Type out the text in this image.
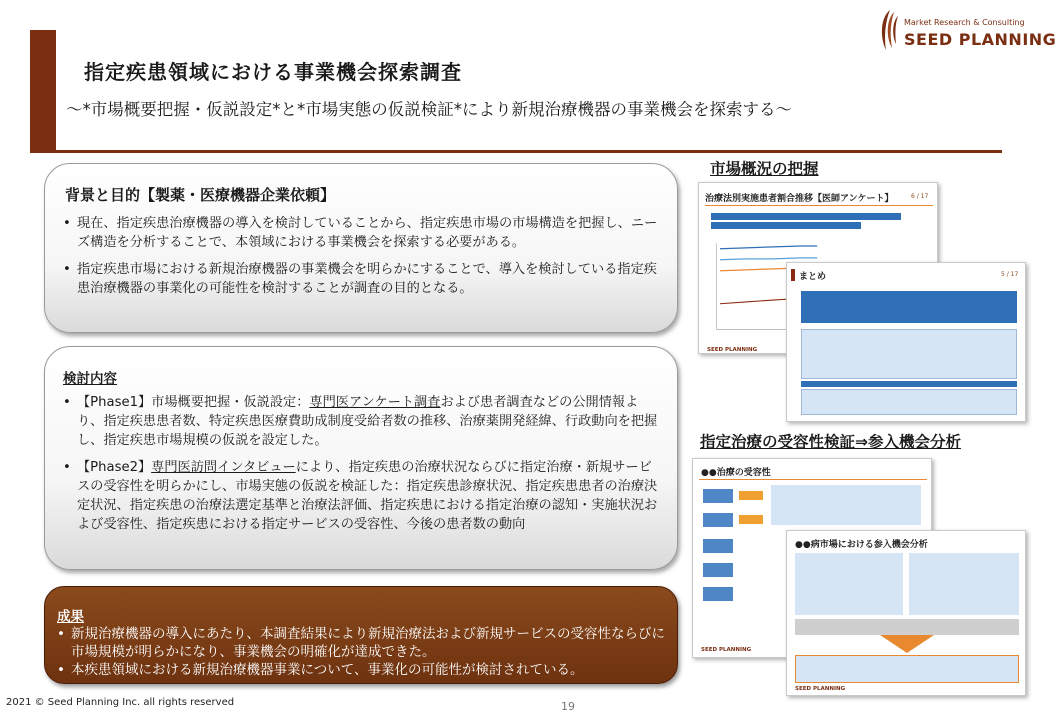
指定疾患領域における事業機会探索調査
～*市場概要把握・仮説設定*と*市場実態の仮説検証*により新規治療機器の事業機会を探索する～
Market Research & Consulting
SEED PLANNING
背景と目的【製薬・医療機器企業依頼】
• 現在、指定疾患治療機器の導入を検討していることから、指定疾患市場の市場構造を把握し、ニーズ構造を分析することで、本領域における事業機会を探索する必要がある。
• 指定疾患市場における新規治療機器の事業機会を明らかにすることで、導入を検討している指定疾患治療機器の事業化の可能性を検討することが調査の目的となる。
検討内容
• 【Phase1】市場概要把握・仮説設定：専門医アンケート調査および患者調査などの公開情報より、指定疾患患者数、特定疾患医療費助成制度受給者数の推移、治療薬開発経緯、行政動向を把握し、指定疾患市場規模の仮説を設定した。
• 【Phase2】専門医訪問インタビューにより、指定疾患の治療状況ならびに指定治療・新規サービスの受容性を明らかにし、市場実態の仮説を検証した：指定疾患診療状況、指定疾患患者の治療決定状況、指定疾患の治療法選定基準と治療法評価、指定疾患における指定治療の認知・実施状況および受容性、指定疾患における指定サービスの受容性、今後の患者数の動向
成果
• 新規治療機器の導入にあたり、本調査結果により新規治療法および新規サービスの受容性ならびに市場規模が明らかになり、事業機会の明確化が達成できた。
• 本疾患領域における新規治療機器事業について、事業化の可能性が検討されている。
市場概況の把握
指定治療の受容性検証⇒参入機会分析
治療法別実施患者割合推移【医師アンケート】	6 / 17
SEED PLANNING
まとめ	5 / 17
●●治療の受容性
SEED PLANNING
●●病市場における参入機会分析
SEED PLANNING
2021 © Seed Planning Inc. all rights reserved	19
